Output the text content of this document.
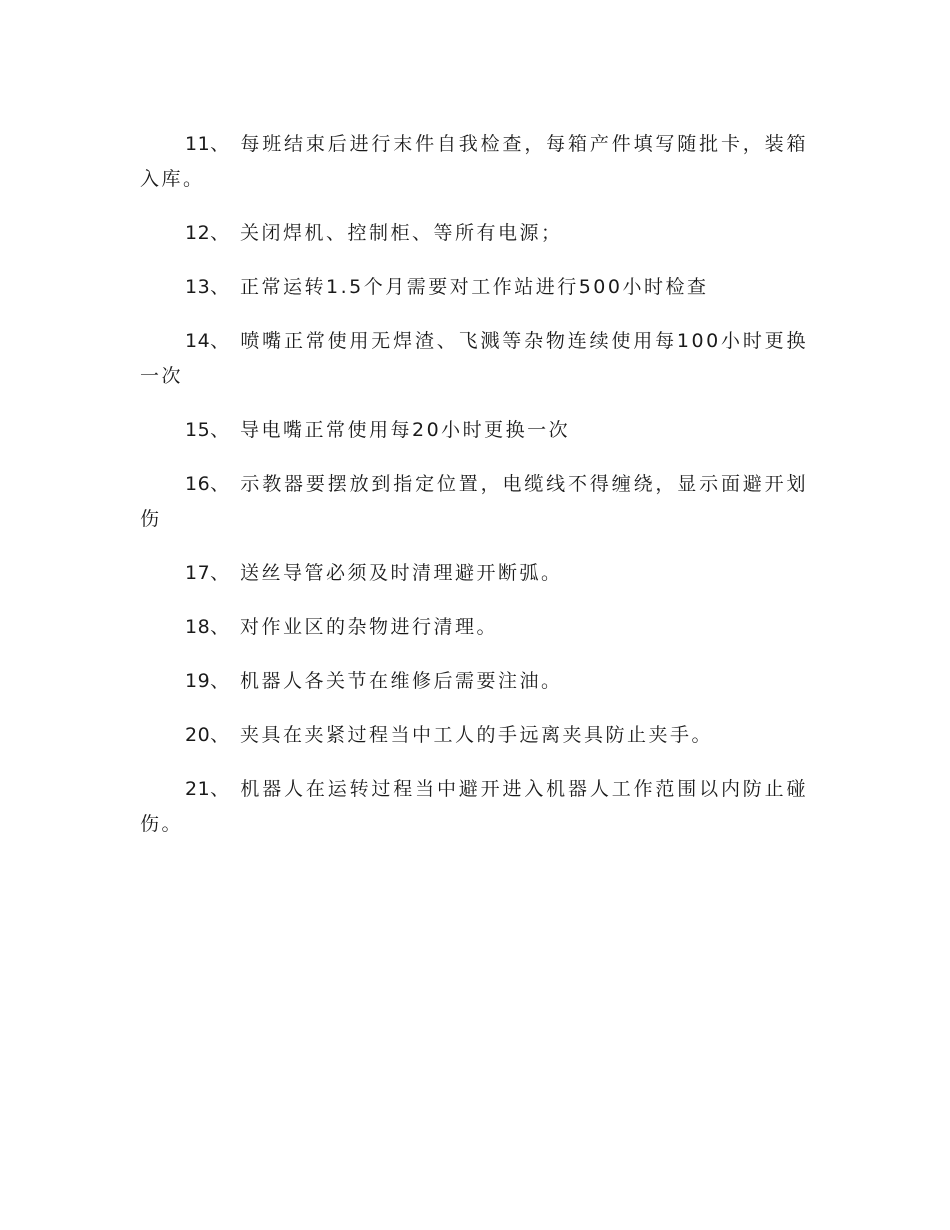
11、 每班结束后进行末件自我检查，每箱产件填写随批卡，装箱入库。

12、 关闭焊机、控制柜、等所有电源；

13、 正常运转1.5个月需要对工作站进行500小时检查

14、 喷嘴正常使用无焊渣、飞溅等杂物连续使用每100小时更换一次

15、 导电嘴正常使用每20小时更换一次

16、 示教器要摆放到指定位置，电缆线不得缠绕，显示面避开划伤

17、 送丝导管必须及时清理避开断弧。

18、 对作业区的杂物进行清理。

19、 机器人各关节在维修后需要注油。

20、 夹具在夹紧过程当中工人的手远离夹具防止夹手。

21、 机器人在运转过程当中避开进入机器人工作范围以内防止碰伤。
